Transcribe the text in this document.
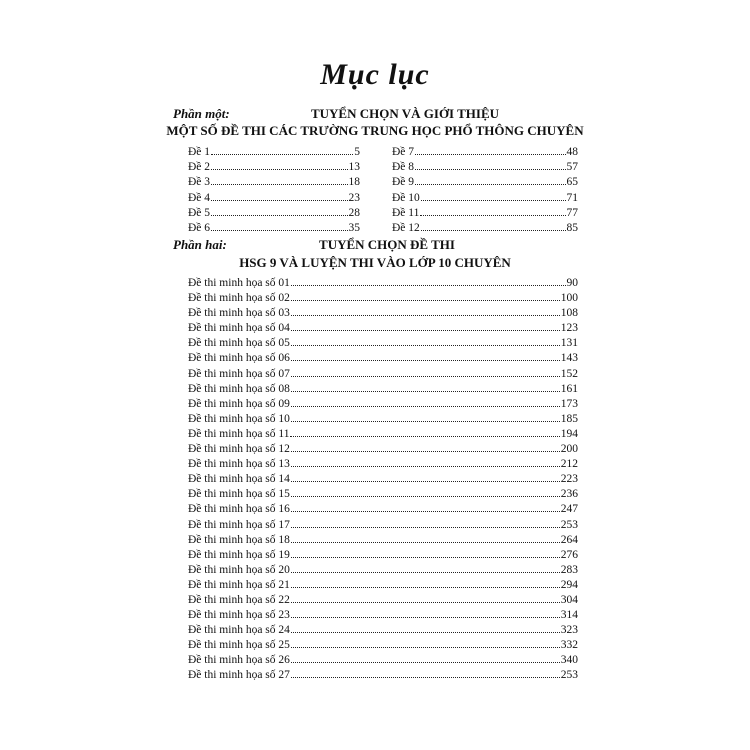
Mục lục
Phần một:	TUYỂN CHỌN VÀ GIỚI THIỆU
MỘT SỐ ĐỀ THI CÁC TRƯỜNG TRUNG HỌC PHỔ THÔNG CHUYÊN
Đề 1	5
Đề 2	13
Đề 3	18
Đề 4	23
Đề 5	28
Đề 6	35
Đề 7	48
Đề 8	57
Đề 9	65
Đề 10	71
Đề 11	77
Đề 12	85
Phần hai:	TUYỂN CHỌN ĐỀ THI
HSG 9 VÀ LUYỆN THI VÀO LỚP 10 CHUYÊN
Đề thi minh họa số 01	90
Đề thi minh họa số 02	100
Đề thi minh họa số 03	108
Đề thi minh họa số 04	123
Đề thi minh họa số 05	131
Đề thi minh họa số 06	143
Đề thi minh họa số 07	152
Đề thi minh họa số 08	161
Đề thi minh họa số 09	173
Đề thi minh họa số 10	185
Đề thi minh họa số 11	194
Đề thi minh họa số 12	200
Đề thi minh họa số 13	212
Đề thi minh họa số 14	223
Đề thi minh họa số 15	236
Đề thi minh họa số 16	247
Đề thi minh họa số 17	253
Đề thi minh họa số 18	264
Đề thi minh họa số 19	276
Đề thi minh họa số 20	283
Đề thi minh họa số 21	294
Đề thi minh họa số 22	304
Đề thi minh họa số 23	314
Đề thi minh họa số 24	323
Đề thi minh họa số 25	332
Đề thi minh họa số 26	340
Đề thi minh họa số 27	253
